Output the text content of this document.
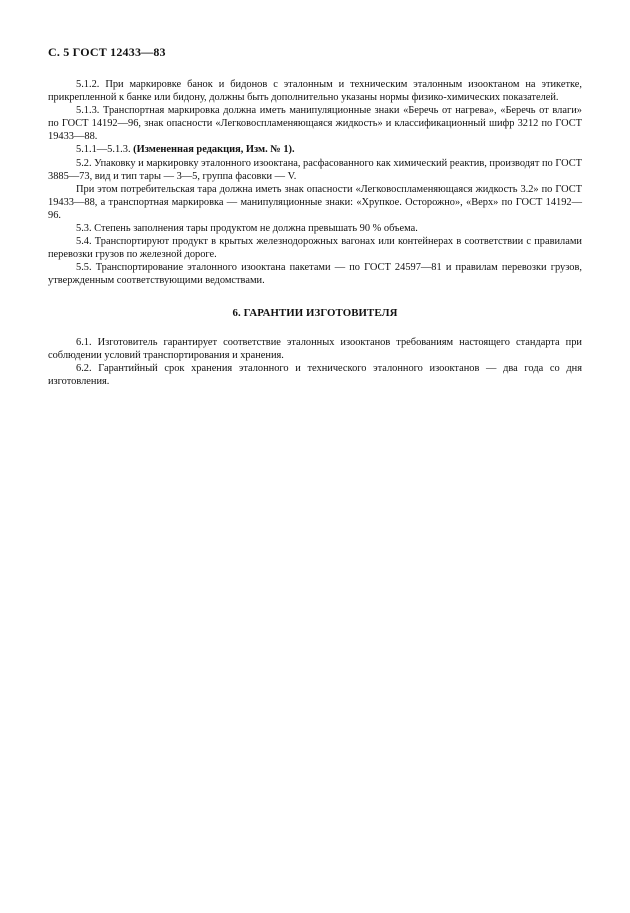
С. 5 ГОСТ 12433—83

5.1.2. При маркировке банок и бидонов с эталонным и техническим эталонным изооктаном на этикетке, прикрепленной к банке или бидону, должны быть дополнительно указаны нормы физико-химических показателей.

5.1.3. Транспортная маркировка должна иметь манипуляционные знаки «Беречь от нагрева», «Беречь от влаги» по ГОСТ 14192—96, знак опасности «Легковоспламеняющаяся жидкость» и классификационный шифр 3212 по ГОСТ 19433—88.

5.1.1—5.1.3. (Измененная редакция, Изм. № 1).

5.2. Упаковку и маркировку эталонного изооктана, расфасованного как химический реактив, производят по ГОСТ 3885—73, вид и тип тары — 3—5, группа фасовки — V.

При этом потребительская тара должна иметь знак опасности «Легковоспламеняющаяся жидкость 3.2» по ГОСТ 19433—88, а транспортная маркировка — манипуляционные знаки: «Хрупкое. Осторожно», «Верх» по ГОСТ 14192—96.

5.3. Степень заполнения тары продуктом не должна превышать 90 % объема.

5.4. Транспортируют продукт в крытых железнодорожных вагонах или контейнерах в соответствии с правилами перевозки грузов по железной дороге.

5.5. Транспортирование эталонного изооктана пакетами — по ГОСТ 24597—81 и правилам перевозки грузов, утвержденным соответствующими ведомствами.

6. ГАРАНТИИ ИЗГОТОВИТЕЛЯ

6.1. Изготовитель гарантирует соответствие эталонных изооктанов требованиям настоящего стандарта при соблюдении условий транспортирования и хранения.

6.2. Гарантийный срок хранения эталонного и технического эталонного изооктанов — два года со дня изготовления.
